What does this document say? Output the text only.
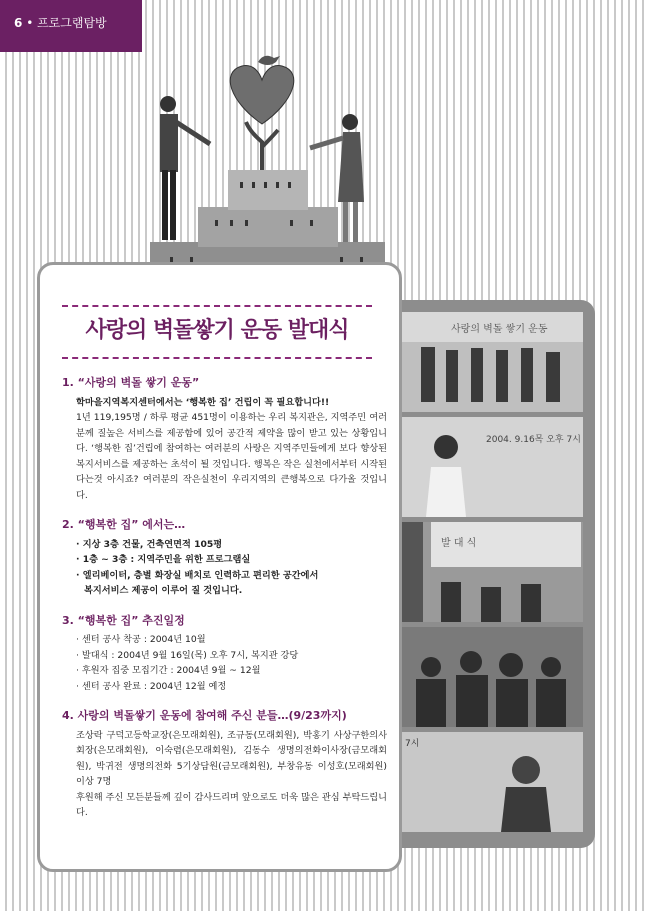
6 • 프로그램탐방
사랑의 벽돌 쌓기 운동
2004. 9.16목 오후 7시
발 대 식
7시
사랑의 벽돌쌓기 운동 발대식
1. “사랑의 벽돌 쌓기 운동”
학마을지역복지센터에서는 ‘행복한 집’ 건립이 꼭 필요합니다!!
1년 119,195명 / 하루 평균 451명이 이용하는 우리 복지관은, 지역주민 여러분께 질높은 서비스를 제공함에 있어 공간적 제약을 많이 받고 있는 상황입니다. ‘행복한 집’건립에 참여하는 여러분의 사랑은 지역주민들에게 보다 향상된 복지서비스를 제공하는 초석이 될 것입니다. 행복은 작은 실천에서부터 시작된다는것 아시죠? 여러분의 작은실천이 우리지역의 큰행복으로 다가올 것입니다.
2. “행복한 집” 에서는…
· 지상 3층 건물, 건축연면적 105평
· 1층 ~ 3층 : 지역주민을 위한 프로그램실
· 엘리베이터, 층별 화장실 배치로 인력하고 편리한 공간에서
복지서비스 제공이 이루어 질 것입니다.
3. “행복한 집” 추진일정
· 센터 공사 착공 : 2004년 10월
· 발대식 : 2004년 9월 16일(목) 오후 7시, 복지관 강당
· 후원자 집중 모집기간 : 2004년 9월 ~ 12월
· 센터 공사 완료 : 2004년 12월 예정
4. 사랑의 벽돌쌓기 운동에 참여해 주신 분들…(9/23까지)
조상락 구덕고등학교장(은모래회원), 조규동(모래회원), 박홍기 사상구한의사회장(은모래회원), 이숙렴(은모래회원), 김동수 생명의전화이사장(금모래회원), 박귀전 생명의전화 5기상담원(금모래회원), 부창유동 이성호(모래회원) 이상 7명
후원해 주신 모든분들께 깊이 감사드리며 앞으로도 더욱 많은 관심 부탁드립니다.
